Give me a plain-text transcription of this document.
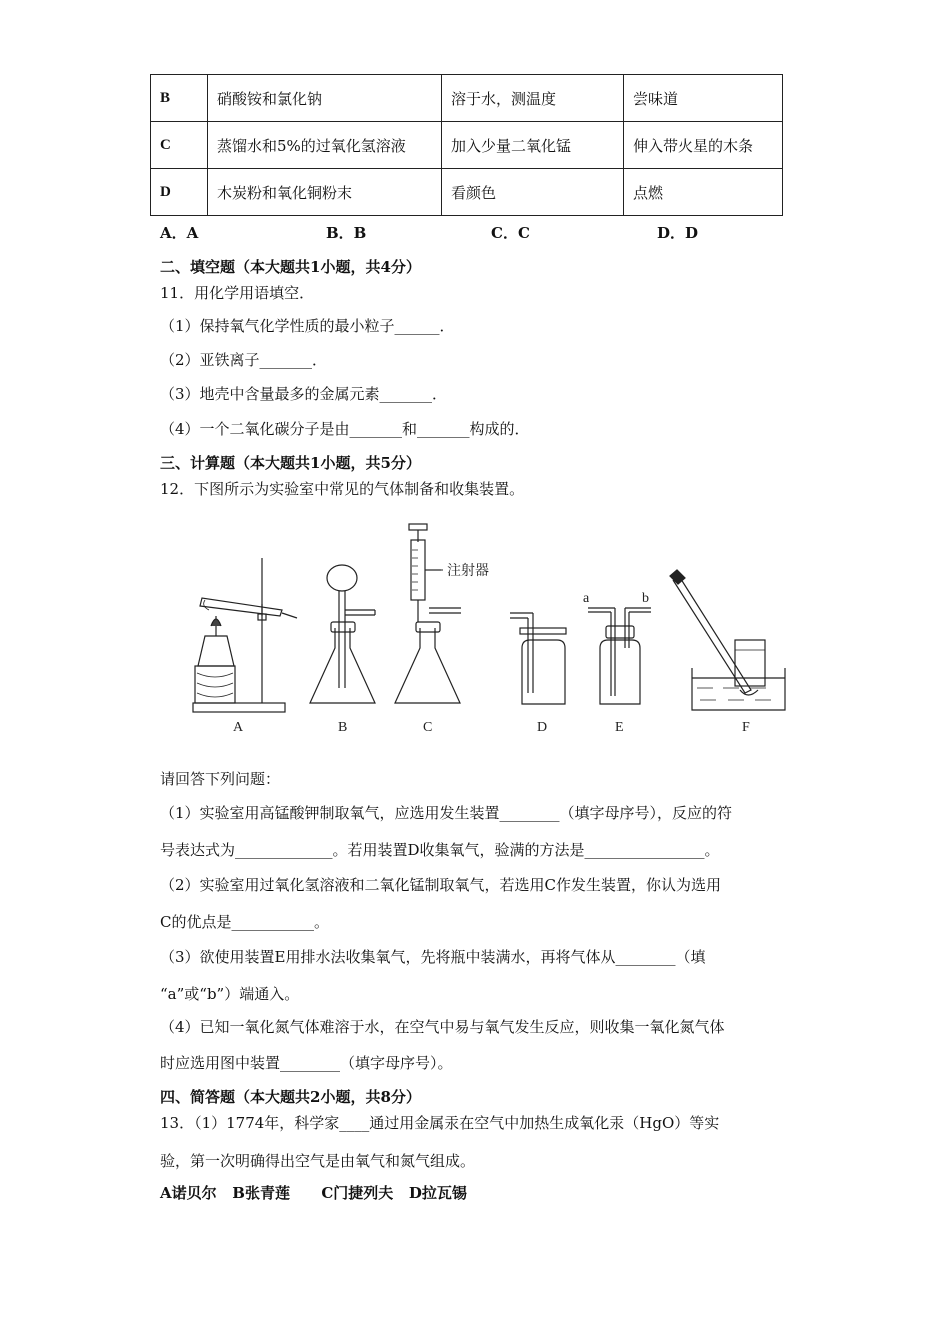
B	硝酸铵和氯化钠	溶于水，测温度	尝味道
C	蒸馏水和5%的过氧化氢溶液	加入少量二氧化锰	伸入带火星的木条
D	木炭粉和氧化铜粉末	看颜色	点燃
A．A	B．B	C．C	D．D
二、填空题（本大题共1小题，共4分）
11．用化学用语填空．
（1）保持氧气化学性质的最小粒子______．
（2）亚铁离子_______．
（3）地壳中含量最多的金属元素_______．
（4）一个二氧化碳分子是由_______和_______构成的．
三、计算题（本大题共1小题，共5分）
12．下图所示为实验室中常见的气体制备和收集装置。
注射器
a	b
A	B	C	D	E	F
请回答下列问题：
（1）实验室用高锰酸钾制取氧气，应选用发生装置________（填字母序号），反应的符
号表达式为_____________。若用装置D收集氧气，验满的方法是________________。
（2）实验室用过氧化氢溶液和二氧化锰制取氧气，若选用C作发生装置，你认为选用
C的优点是___________。
（3）欲使用装置E用排水法收集氧气，先将瓶中装满水，再将气体从________（填
“a”或“b”）端通入。
（4）已知一氧化氮气体难溶于水，在空气中易与氧气发生反应，则收集一氧化氮气体
时应选用图中装置________（填字母序号）。
四、简答题（本大题共2小题，共8分）
13．（1）1774年，科学家____通过用金属汞在空气中加热生成氧化汞（HgO）等实
验，第一次明确得出空气是由氧气和氮气组成。
A诺贝尔   B张青莲      C门捷列夫   D拉瓦锡
